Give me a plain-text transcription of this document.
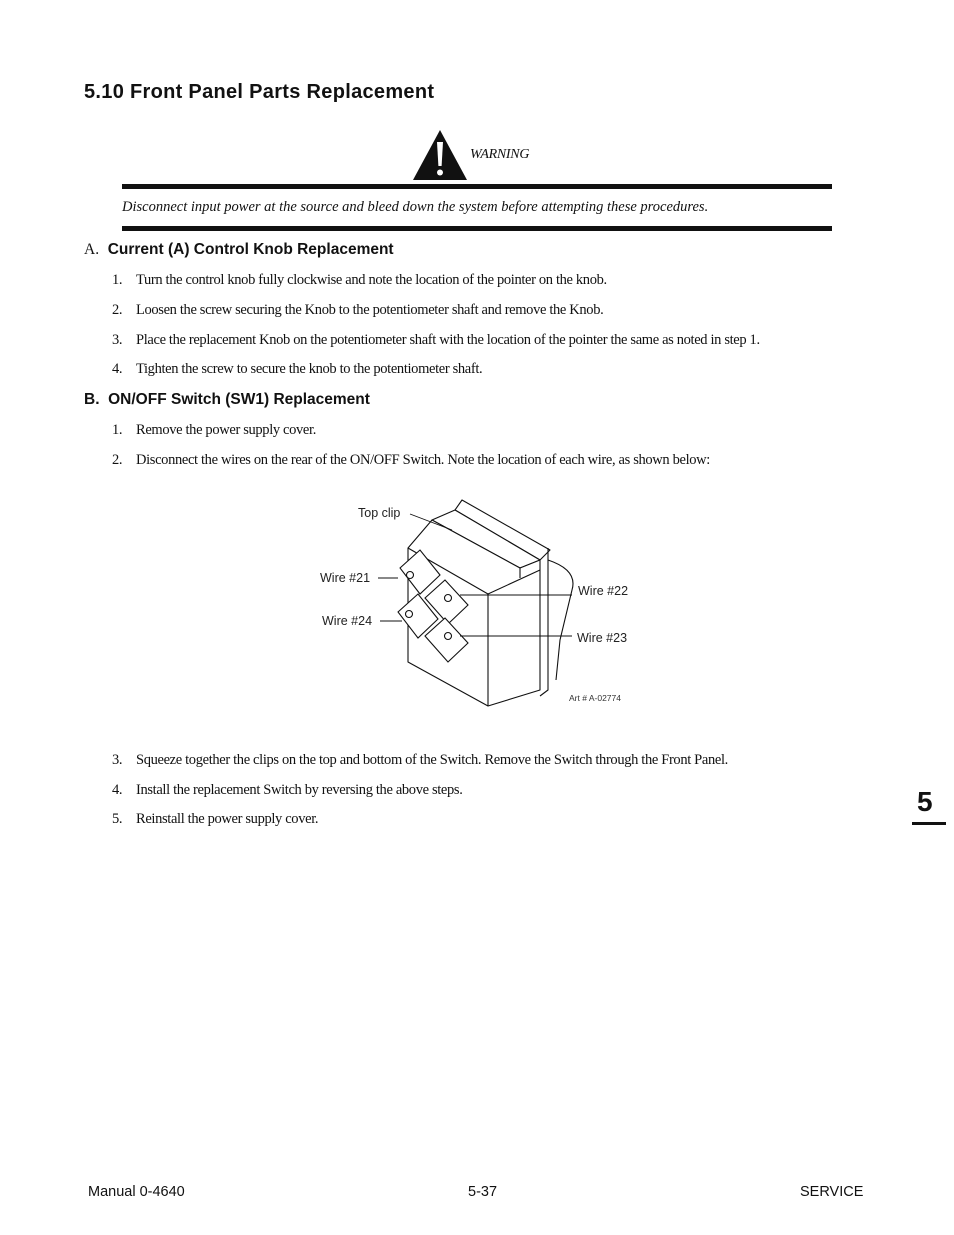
5.10 Front Panel Parts Replacement
WARNING
Disconnect input power at the source and bleed down the system before attempting these procedures.
A. Current (A) Control Knob Replacement
1. Turn the control knob fully clockwise and note the location of the pointer on the knob.
2. Loosen the screw securing the Knob to the potentiometer shaft and remove the Knob.
3. Place the replacement Knob on the potentiometer shaft with the location of the pointer the same as noted in step 1.
4. Tighten the screw to secure the knob to the potentiometer shaft.
B. ON/OFF Switch (SW1) Replacement
1. Remove the power supply cover.
2. Disconnect the wires on the rear of the ON/OFF Switch. Note the location of each wire, as shown below:
Top clip
Wire #21
Wire #24
Wire #22
Wire #23
Art # A-02774
3. Squeeze together the clips on the top and bottom of the Switch. Remove the Switch through the Front Panel.
4. Install the replacement Switch by reversing the above steps.
5. Reinstall the power supply cover.
5
Manual 0-4640	5-37	SERVICE
